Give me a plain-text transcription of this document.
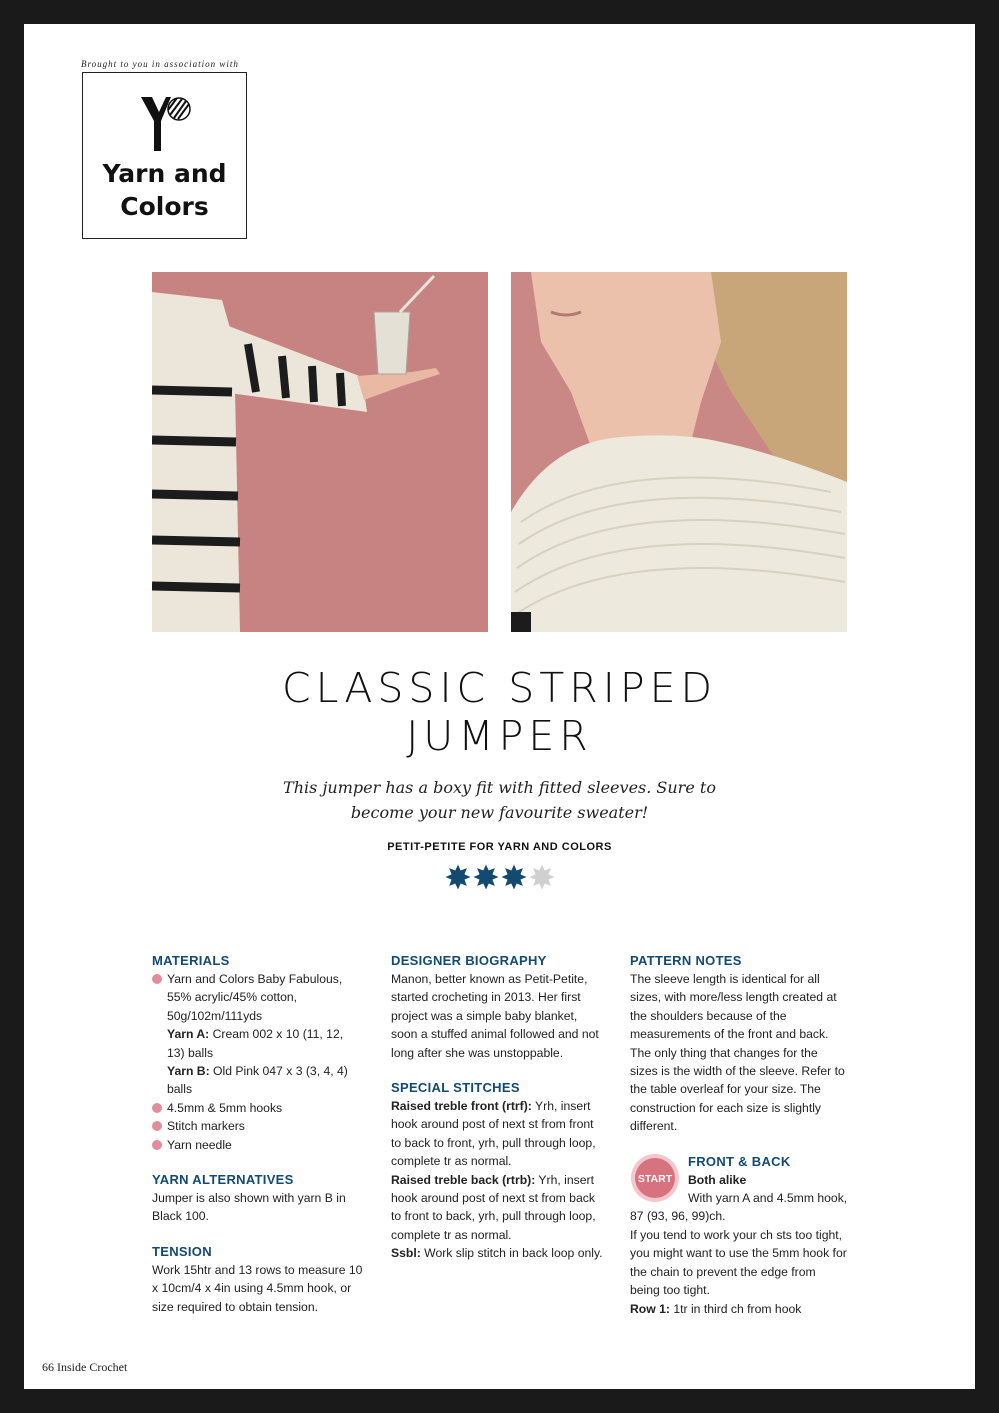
Brought to you in association with
Yarn and
Colors
CLASSIC STRIPED
JUMPER
This jumper has a boxy fit with fitted sleeves. Sure to become your new favourite sweater!
PETIT-PETITE FOR YARN AND COLORS
MATERIALS
Yarn and Colors Baby Fabulous, 55% acrylic/45% cotton, 50g/102m/111yds
Yarn A: Cream 002 x 10 (11, 12, 13) balls
Yarn B: Old Pink 047 x 3 (3, 4, 4) balls
4.5mm & 5mm hooks
Stitch markers
Yarn needle
YARN ALTERNATIVES

Jumper is also shown with yarn B in Black 100.

TENSION

Work 15htr and 13 rows to measure 10 x 10cm/4 x 4in using 4.5mm hook, or size required to obtain tension.

DESIGNER BIOGRAPHY

Manon, better known as Petit-Petite, started crocheting in 2013. Her first project was a simple baby blanket, soon a stuffed animal followed and not long after she was unstoppable.

SPECIAL STITCHES

Raised treble front (rtrf): Yrh, insert hook around post of next st from front to back to front, yrh, pull through loop, complete tr as normal.

Raised treble back (rtrb): Yrh, insert hook around post of next st from back to front to back, yrh, pull through loop, complete tr as normal.

Ssbl: Work slip stitch in back loop only.

PATTERN NOTES

The sleeve length is identical for all sizes, with more/less length created at the shoulders because of the measurements of the front and back. The only thing that changes for the sizes is the width of the sleeve. Refer to the table overleaf for your size. The construction for each size is slightly different.

START
FRONT & BACK
Both alike

With yarn A and 4.5mm hook, 87 (93, 96, 99)ch.

If you tend to work your ch sts too tight, you might want to use the 5mm hook for the chain to prevent the edge from being too tight.

Row 1: 1tr in third ch from hook

66 Inside Crochet
